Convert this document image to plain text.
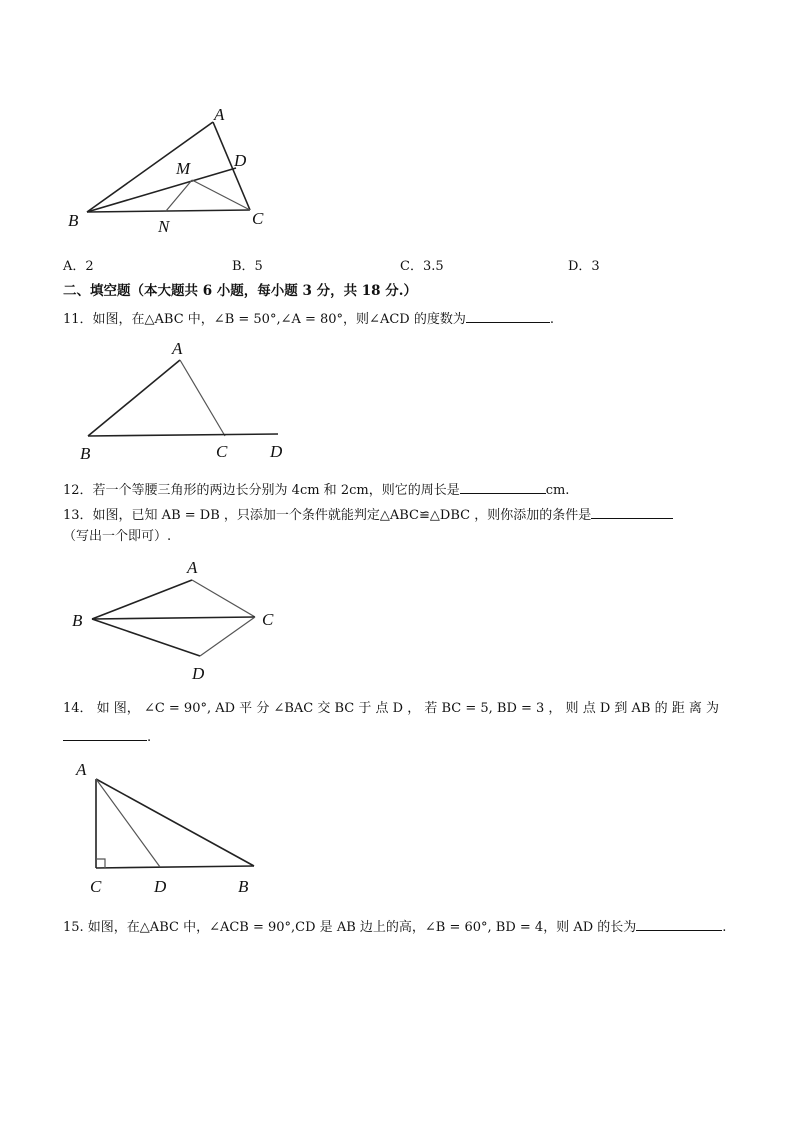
A
M	D
B	N	C
A．2	B．5	C．3.5	D．3
二、填空题（本大题共 6 小题，每小题 3 分，共 18 分.）
11．如图，在△ABC 中，∠B = 50°,∠A = 80°，则∠ACD 的度数为	.
A
B	C	D
12．若一个等腰三角形的两边长分别为 4cm 和 2cm，则它的周长是	cm.
13．如图，已知 AB = DB ，只添加一个条件就能判定△ABC≌△DBC ，则你添加的条件是
（写出一个即可）.
A
B	C
D
14． 如 图， ∠C = 90°, AD 平 分 ∠BAC 交 BC 于 点 D ， 若 BC = 5, BD = 3 ， 则 点 D 到 AB 的 距 离 为
.
A
C	D	B
15. 如图，在△ABC 中，∠ACB = 90°,CD 是 AB 边上的高，∠B = 60°, BD = 4，则 AD 的长为	.
